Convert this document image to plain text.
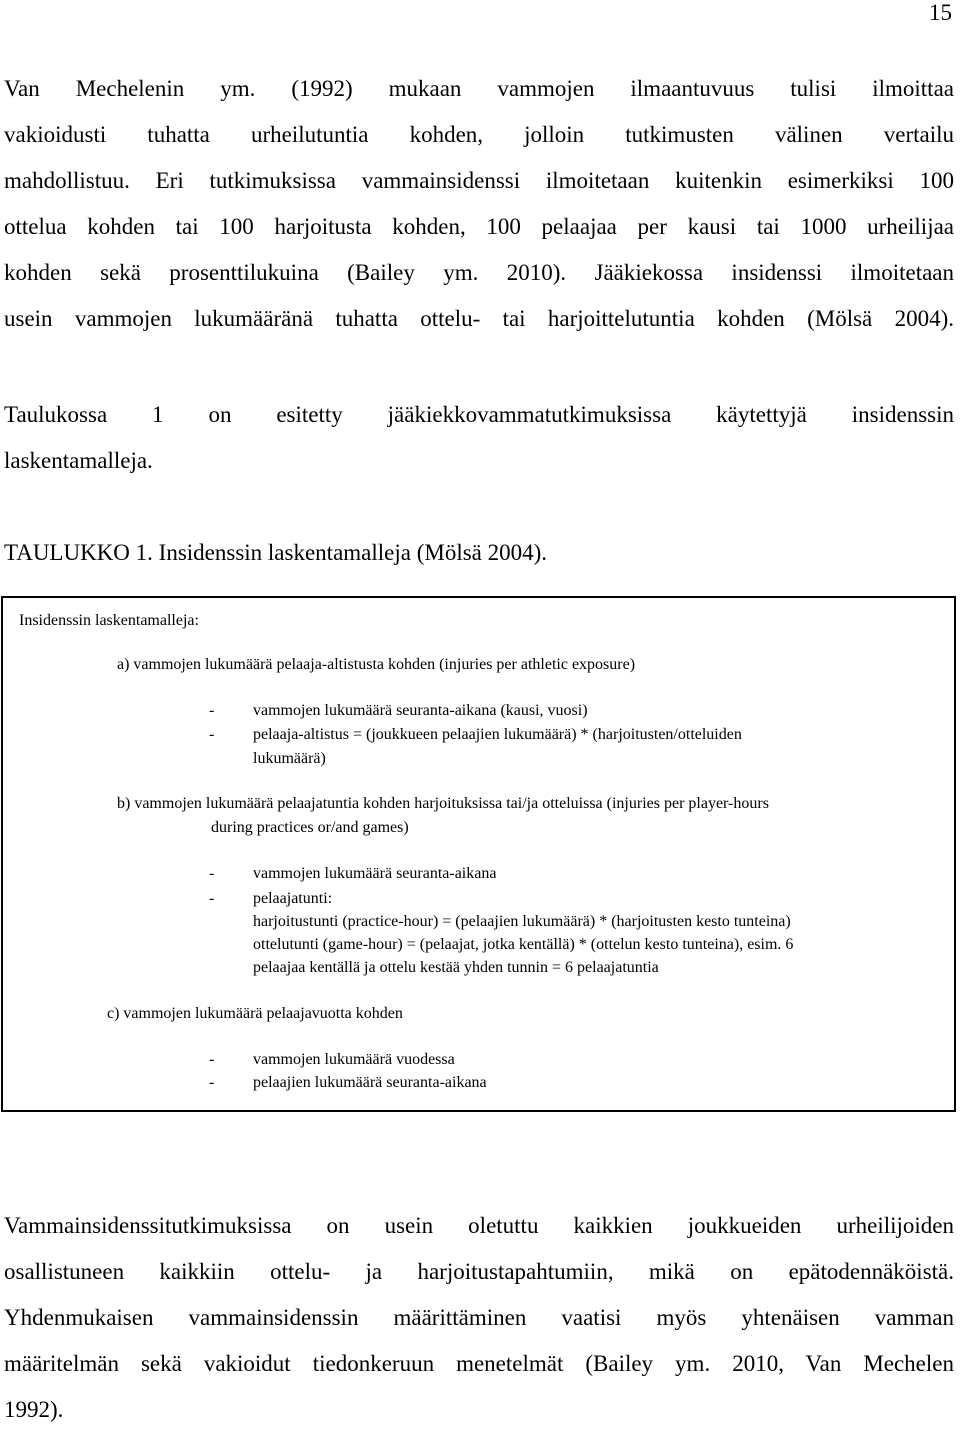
15
Van Mechelenin ym. (1992) mukaan vammojen ilmaantuvuus tulisi ilmoittaa
vakioidusti tuhatta urheilutuntia kohden, jolloin tutkimusten välinen vertailu
mahdollistuu. Eri tutkimuksissa vammainsidenssi ilmoitetaan kuitenkin esimerkiksi 100
ottelua kohden tai 100 harjoitusta kohden, 100 pelaajaa per kausi tai 1000 urheilijaa
kohden sekä prosenttilukuina (Bailey ym. 2010). Jääkiekossa insidenssi ilmoitetaan
usein vammojen lukumääränä tuhatta ottelu- tai harjoittelutuntia kohden (Mölsä 2004).
Taulukossa 1 on esitetty jääkiekkovammatutkimuksissa käytettyjä insidenssin
laskentamalleja.
TAULUKKO 1. Insidenssin laskentamalleja (Mölsä 2004).
Insidenssin laskentamalleja:
a) vammojen lukumäärä pelaaja-altistusta kohden (injuries per athletic exposure)
- vammojen lukumäärä seuranta-aikana (kausi, vuosi)
- pelaaja-altistus = (joukkueen pelaajien lukumäärä) * (harjoitusten/otteluiden
lukumäärä)
b) vammojen lukumäärä pelaajatuntia kohden harjoituksissa tai/ja otteluissa (injuries per player-hours
during practices or/and games)
- vammojen lukumäärä seuranta-aikana
- pelaajatunti:
harjoitustunti (practice-hour) = (pelaajien lukumäärä) * (harjoitusten kesto tunteina)
ottelutunti (game-hour) = (pelaajat, jotka kentällä) * (ottelun kesto tunteina), esim. 6
pelaajaa kentällä ja ottelu kestää yhden tunnin = 6 pelaajatuntia
c) vammojen lukumäärä pelaajavuotta kohden
- vammojen lukumäärä vuodessa
- pelaajien lukumäärä seuranta-aikana
Vammainsidenssitutkimuksissa on usein oletuttu kaikkien joukkueiden urheilijoiden
osallistuneen kaikkiin ottelu- ja harjoitustapahtumiin, mikä on epätodennäköistä.
Yhdenmukaisen vammainsidenssin määrittäminen vaatisi myös yhtenäisen vamman
määritelmän sekä vakioidut tiedonkeruun menetelmät (Bailey ym. 2010, Van Mechelen
1992).
